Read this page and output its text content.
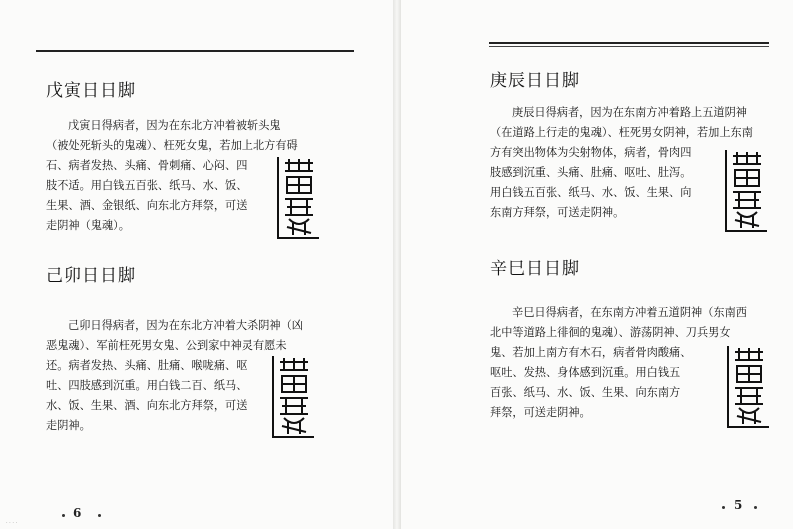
戊寅日日脚
戊寅日得病者，因为在东北方冲着被斩头鬼
（被处死斩头的鬼魂）、枉死女鬼，若加上北方有碍
石、病者发热、头痛、骨刺痛、心闷、四
肢不适。用白钱五百张、纸马、水、饭、
生果、酒、金银纸、向东北方拜祭，可送
走阴神（鬼魂）。
己卯日日脚
己卯日得病者，因为在东北方冲着大杀阴神（凶
恶鬼魂）、军前枉死男女鬼、公到家中神灵有愿未
还。病者发热、头痛、肚痛、喉咙痛、呕
吐、四肢感到沉重。用白钱二百、纸马、
水、饭、生果、酒、向东北方拜祭，可送
走阴神。
6
· · · ·
庚辰日日脚
庚辰日得病者，因为在东南方冲着路上五道阴神
（在道路上行走的鬼魂）、枉死男女阴神，若加上东南
方有突出物体为尖射物体，病者，骨肉四
肢感到沉重、头痛、肚痛、呕吐、肚泻。
用白钱五百张、纸马、水、饭、生果、向
东南方拜祭，可送走阴神。
辛巳日日脚
辛巳日得病者，在东南方冲着五道阴神（东南西
北中等道路上徘徊的鬼魂）、游荡阴神、刀兵男女
鬼、若加上南方有木石，病者骨肉酸痛、
呕吐、发热、身体感到沉重。用白钱五
百张、纸马、水、饭、生果、向东南方
拜祭，可送走阴神。
5
